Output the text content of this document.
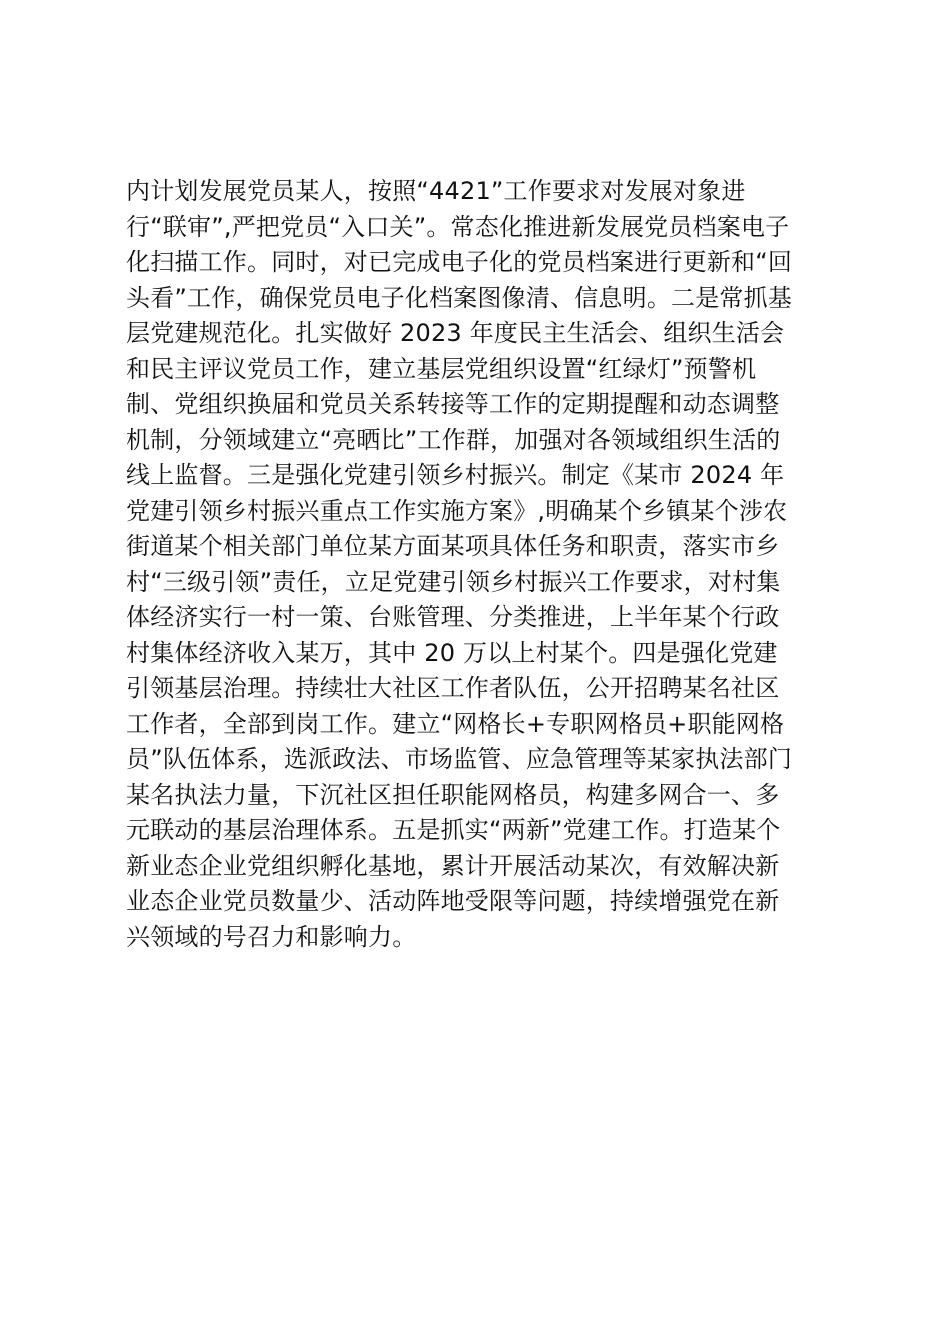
内计划发展党员某人，按照“4421”工作要求对发展对象进
行“联审”,严把党员“入口关”。常态化推进新发展党员档案电子
化扫描工作。同时，对已完成电子化的党员档案进行更新和“回
头看”工作，确保党员电子化档案图像清、信息明。二是常抓基
层党建规范化。扎实做好 2023 年度民主生活会、组织生活会
和民主评议党员工作，建立基层党组织设置“红绿灯”预警机
制、党组织换届和党员关系转接等工作的定期提醒和动态调整
机制，分领域建立“亮晒比”工作群，加强对各领域组织生活的
线上监督。三是强化党建引领乡村振兴。制定《某市 2024 年
党建引领乡村振兴重点工作实施方案》,明确某个乡镇某个涉农
街道某个相关部门单位某方面某项具体任务和职责，落实市乡
村“三级引领”责任，立足党建引领乡村振兴工作要求，对村集
体经济实行一村一策、台账管理、分类推进，上半年某个行政
村集体经济收入某万，其中 20 万以上村某个。四是强化党建
引领基层治理。持续壮大社区工作者队伍，公开招聘某名社区
工作者，全部到岗工作。建立“网格长+专职网格员+职能网格
员”队伍体系，选派政法、市场监管、应急管理等某家执法部门
某名执法力量，下沉社区担任职能网格员，构建多网合一、多
元联动的基层治理体系。五是抓实“两新”党建工作。打造某个
新业态企业党组织孵化基地，累计开展活动某次，有效解决新
业态企业党员数量少、活动阵地受限等问题，持续增强党在新
兴领域的号召力和影响力。
